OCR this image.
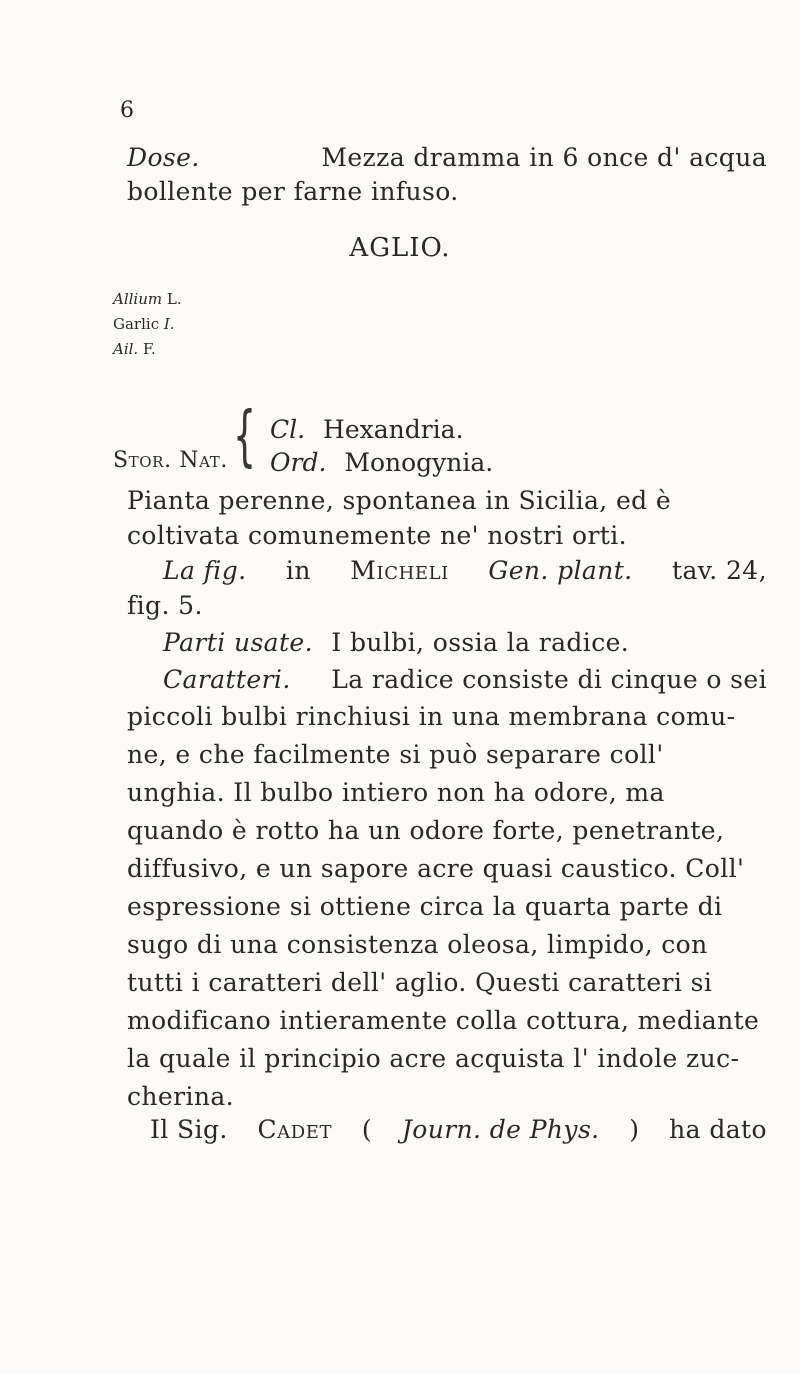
6
Dose.	Mezza dramma in 6 once d' acqua
bollente per farne infuso.
AGLIO.
Allium L.
Garlic I.
Ail. F.
Stor. Nat. { Cl. Hexandria.
Ord. Monogynia.
Pianta perenne, spontanea in Sicilia, ed è
coltivata comunemente ne' nostri orti.
La fig. in Micheli Gen. plant. tav. 24,
fig. 5.
Parti usate. I bulbi, ossia la radice.
Caratteri. La radice consiste di cinque o sei
piccoli bulbi rinchiusi in una membrana comu-
ne, e che facilmente si può separare coll'
unghia. Il bulbo intiero non ha odore, ma
quando è rotto ha un odore forte, penetrante,
diffusivo, e un sapore acre quasi caustico. Coll'
espressione si ottiene circa la quarta parte di
sugo di una consistenza oleosa, limpido, con
tutti i caratteri dell' aglio. Questi caratteri si
modificano intieramente colla cottura, mediante
la quale il principio acre acquista l' indole zuc-
cherina.
Il Sig. Cadet ( Journ. de Phys. ) ha dato
